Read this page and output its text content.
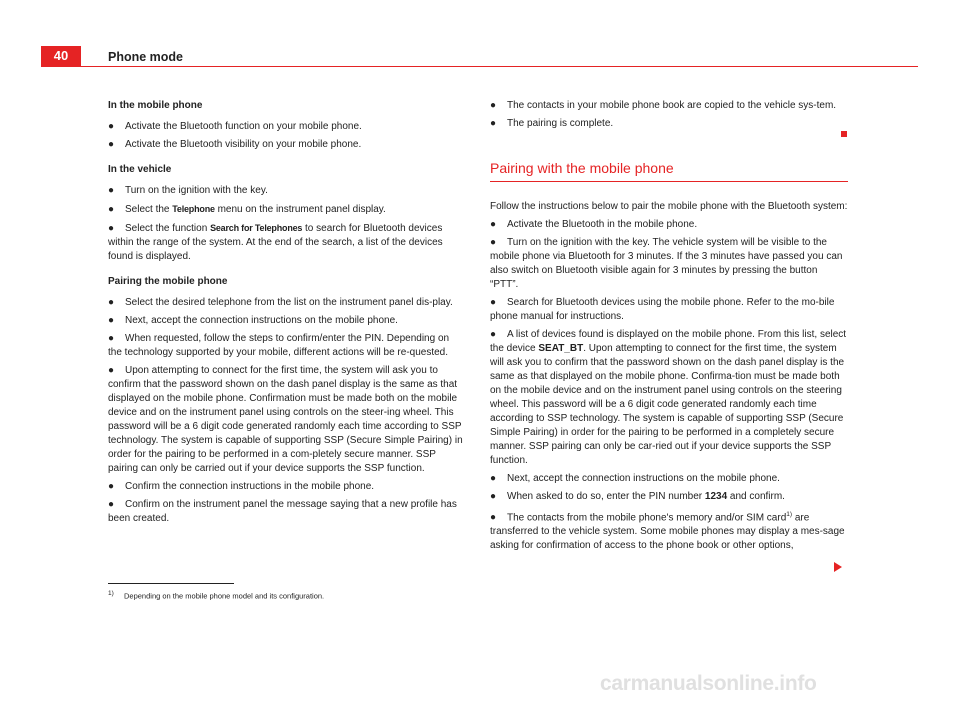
40	Phone mode

In the mobile phone

● Activate the Bluetooth function on your mobile phone.

● Activate the Bluetooth visibility on your mobile phone.

In the vehicle

● Turn on the ignition with the key.

● Select the Telephone menu on the instrument panel display.

● Select the function Search for Telephones to search for Bluetooth devices within the range of the system. At the end of the search, a list of the devices found is displayed.

Pairing the mobile phone

● Select the desired telephone from the list on the instrument panel dis-play.

● Next, accept the connection instructions on the mobile phone.

● When requested, follow the steps to confirm/enter the PIN. Depending on the technology supported by your mobile, different actions will be re-quested.

● Upon attempting to connect for the first time, the system will ask you to confirm that the password shown on the dash panel display is the same as that displayed on the mobile phone. Confirmation must be made both on the mobile device and on the instrument panel using controls on the steer-ing wheel. This password will be a 6 digit code generated randomly each time according to SSP technology. The system is capable of supporting SSP (Secure Simple Pairing) in order for the pairing to be performed in a com-pletely secure manner. SSP pairing can only be carried out if your device supports the SSP function.

● Confirm the connection instructions in the mobile phone.

● Confirm on the instrument panel the message saying that a new profile has been created.

● The contacts in your mobile phone book are copied to the vehicle sys-tem.

● The pairing is complete.

Pairing with the mobile phone

Follow the instructions below to pair the mobile phone with the Bluetooth system:

● Activate the Bluetooth in the mobile phone.

● Turn on the ignition with the key. The vehicle system will be visible to the mobile phone via Bluetooth for 3 minutes. If the 3 minutes have passed you can also switch on Bluetooth visible again for 3 minutes by pressing the button “PTT”.

● Search for Bluetooth devices using the mobile phone. Refer to the mo-bile phone manual for instructions.

● A list of devices found is displayed on the mobile phone. From this list, select the device SEAT_BT. Upon attempting to connect for the first time, the system will ask you to confirm that the password shown on the dash panel display is the same as that displayed on the mobile phone. Confirma-tion must be made both on the mobile device and on the instrument panel using controls on the steering wheel. This password will be a 6 digit code generated randomly each time according to SSP technology. The system is capable of supporting SSP (Secure Simple Pairing) in order for the pairing to be performed in a completely secure manner. SSP pairing can only be car-ried out if your device supports the SSP function.

● Next, accept the connection instructions on the mobile phone.

● When asked to do so, enter the PIN number 1234 and confirm.

● The contacts from the mobile phone's memory and/or SIM card$^{1)}$ are transferred to the vehicle system. Some mobile phones may display a mes-sage asking for confirmation of access to the phone book or other options,

1) Depending on the mobile phone model and its configuration.
carmanualsonline.info
